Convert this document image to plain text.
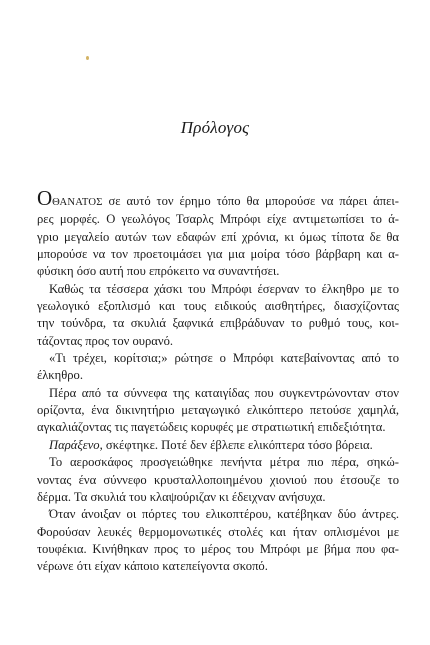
Πρόλογος
ΟΘΑΝΑΤΟΣ σε αυτό τον έρημο τόπο θα μπορούσε να πάρει άπει-
ρες μορφές. Ο γεωλόγος Τσαρλς Μπρόφι είχε αντιμετωπίσει το ά-
γριο μεγαλείο αυτών των εδαφών επί χρόνια, κι όμως τίποτα δε θα
μπορούσε να τον προετοιμάσει για μια μοίρα τόσο βάρβαρη και α-
φύσικη όσο αυτή που επρόκειτο να συναντήσει.
Καθώς τα τέσσερα χάσκι του Μπρόφι έσερναν το έλκηθρο με το
γεωλογικό εξοπλισμό και τους ειδικούς αισθητήρες, διασχίζοντας
την τούνδρα, τα σκυλιά ξαφνικά επιβράδυναν το ρυθμό τους, κοι-
τάζοντας προς τον ουρανό.
«Τι τρέχει, κορίτσια;» ρώτησε ο Μπρόφι κατεβαίνοντας από το
έλκηθρο.
Πέρα από τα σύννεφα της καταιγίδας που συγκεντρώνονταν στον
ορίζοντα, ένα δικινητήριο μεταγωγικό ελικόπτερο πετούσε χαμηλά,
αγκαλιάζοντας τις παγετώδεις κορυφές με στρατιωτική επιδεξιότητα.
Παράξενο, σκέφτηκε. Ποτέ δεν έβλεπε ελικόπτερα τόσο βόρεια.
Το αεροσκάφος προσγειώθηκε πενήντα μέτρα πιο πέρα, σηκώ-
νοντας ένα σύννεφο κρυσταλλοποιημένου χιονιού που έτσουζε το
δέρμα. Τα σκυλιά του κλαψούριζαν κι έδειχναν ανήσυχα.
Όταν άνοιξαν οι πόρτες του ελικοπτέρου, κατέβηκαν δύο άντρες.
Φορούσαν λευκές θερμομονωτικές στολές και ήταν οπλισμένοι με
τουφέκια. Κινήθηκαν προς το μέρος του Μπρόφι με βήμα που φα-
νέρωνε ότι είχαν κάποιο κατεπείγοντα σκοπό.
